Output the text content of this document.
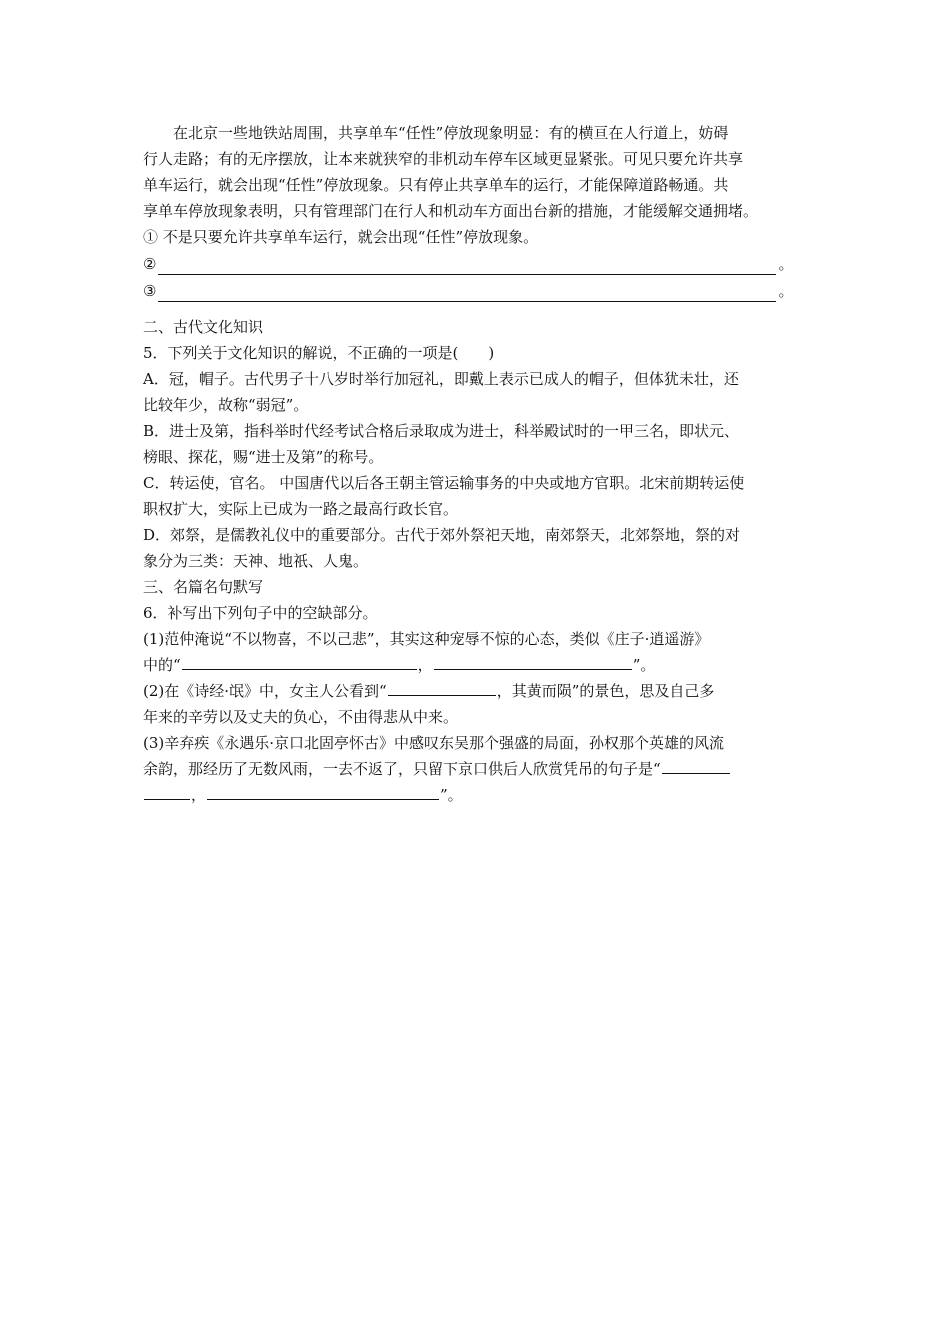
在北京一些地铁站周围，共享单车“任性”停放现象明显：有的横亘在人行道上，妨碍
行人走路；有的无序摆放，让本来就狭窄的非机动车停车区域更显紧张。可见只要允许共享
单车运行，就会出现“任性”停放现象。只有停止共享单车的运行，才能保障道路畅通。共
享单车停放现象表明，只有管理部门在行人和机动车方面出台新的措施，才能缓解交通拥堵。
① 不是只要允许共享单车运行，就会出现“任性”停放现象。
②	。
③	。
二、古代文化知识
5．下列关于文化知识的解说，不正确的一项是(　　)
A．冠，帽子。古代男子十八岁时举行加冠礼，即戴上表示已成人的帽子，但体犹未壮，还
比较年少，故称“弱冠”。
B．进士及第，指科举时代经考试合格后录取成为进士，科举殿试时的一甲三名，即状元、
榜眼、探花，赐“进士及第”的称号。
C．转运使，官名。 中国唐代以后各王朝主管运输事务的中央或地方官职。北宋前期转运使
职权扩大，实际上已成为一路之最高行政长官。
D．郊祭，是儒教礼仪中的重要部分。古代于郊外祭祀天地，南郊祭天，北郊祭地，祭的对
象分为三类：天神、地祇、人鬼。
三、名篇名句默写
6．补写出下列句子中的空缺部分。
(1)范仲淹说“不以物喜，不以己悲”，其实这种宠辱不惊的心态，类似《庄子·逍遥游》
中的“	，	”。
(2)在《诗经·氓》中，女主人公看到“	，其黄而陨”的景色，思及自己多
年来的辛劳以及丈夫的负心，不由得悲从中来。
(3)辛弃疾《永遇乐·京口北固亭怀古》中感叹东吴那个强盛的局面，孙权那个英雄的风流
余韵，那经历了无数风雨，一去不返了，只留下京口供后人欣赏凭吊的句子是“
，	”。
